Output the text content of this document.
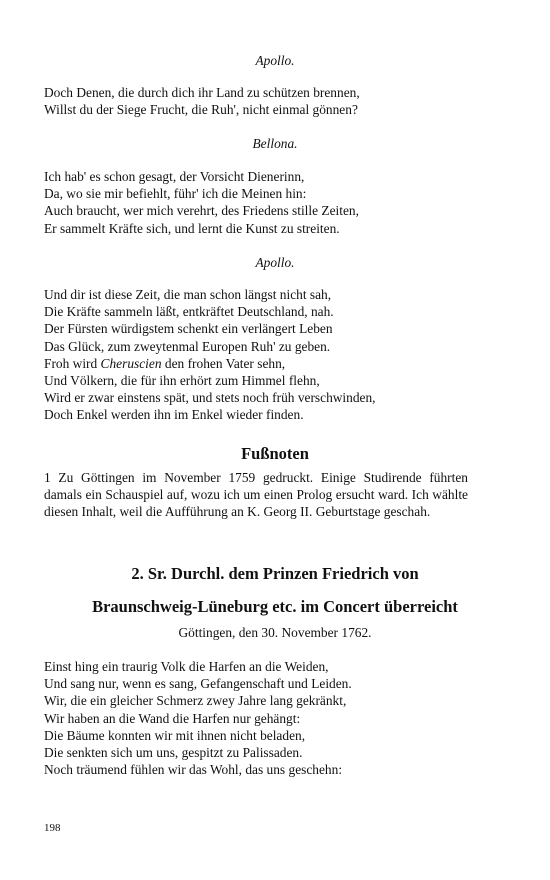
Apollo.
Doch Denen, die durch dich ihr Land zu schützen brennen,
Willst du der Siege Frucht, die Ruh', nicht einmal gönnen?
Bellona.
Ich hab' es schon gesagt, der Vorsicht Dienerinn,
Da, wo sie mir befiehlt, führ' ich die Meinen hin:
Auch braucht, wer mich verehrt, des Friedens stille Zeiten,
Er sammelt Kräfte sich, und lernt die Kunst zu streiten.
Apollo.
Und dir ist diese Zeit, die man schon längst nicht sah,
Die Kräfte sammeln läßt, entkräftet Deutschland, nah.
Der Fürsten würdigstem schenkt ein verlängert Leben
Das Glück, zum zweytenmal Europen Ruh' zu geben.
Froh wird Cheruscien den frohen Vater sehn,
Und Völkern, die für ihn erhört zum Himmel flehn,
Wird er zwar einstens spät, und stets noch früh verschwinden,
Doch Enkel werden ihn im Enkel wieder finden.
Fußnoten
1 Zu Göttingen im November 1759 gedruckt. Einige Studirende führten damals ein Schauspiel auf, wozu ich um einen Prolog ersucht ward. Ich wählte diesen Inhalt, weil die Aufführung an K. Georg II. Geburtstage geschah.
2. Sr. Durchl. dem Prinzen Friedrich von
Braunschweig-Lüneburg etc. im Concert überreicht
Göttingen, den 30. November 1762.
Einst hing ein traurig Volk die Harfen an die Weiden,
Und sang nur, wenn es sang, Gefangenschaft und Leiden.
Wir, die ein gleicher Schmerz zwey Jahre lang gekränkt,
Wir haben an die Wand die Harfen nur gehängt:
Die Bäume konnten wir mit ihnen nicht beladen,
Die senkten sich um uns, gespitzt zu Palissaden.
Noch träumend fühlen wir das Wohl, das uns geschehn:
198
